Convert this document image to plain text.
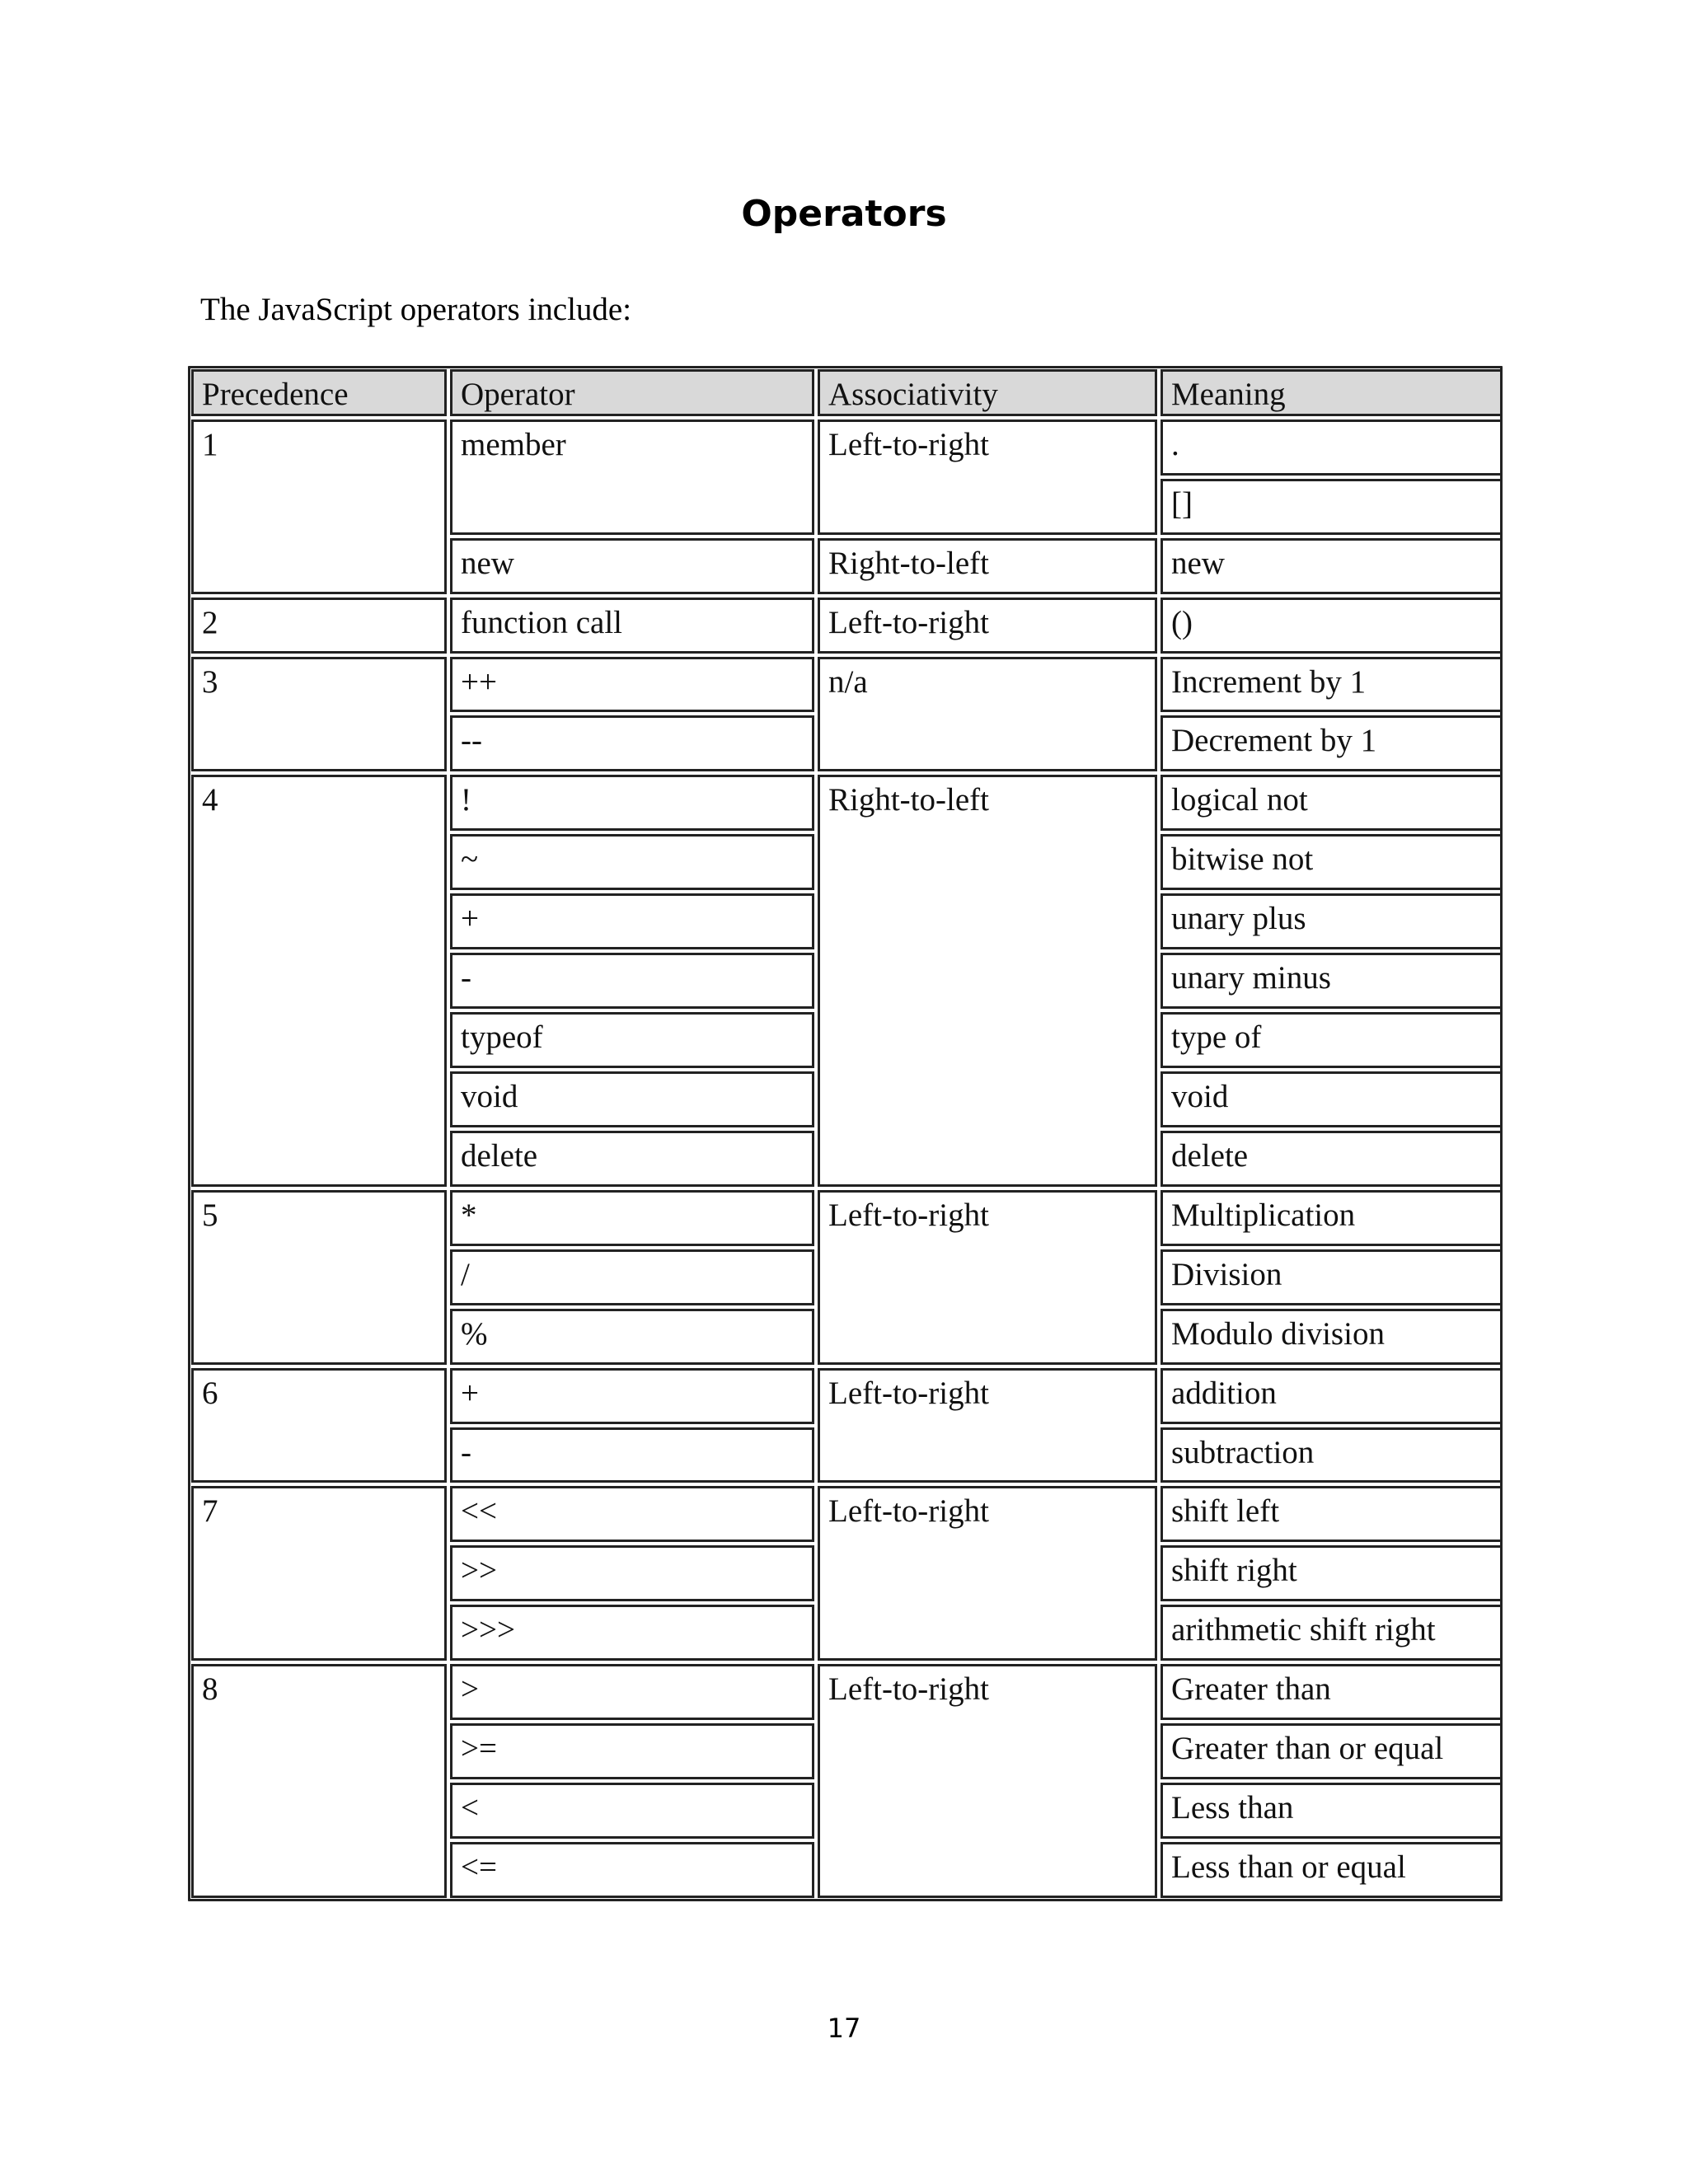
Operators
The JavaScript operators include:
Precedence	Operator	Associativity	Meaning
1	member	Left-to-right	.
			[]
	new	Right-to-left	new
2	function call	Left-to-right	()
3	++	n/a	Increment by 1
	--		Decrement by 1
4	!	Right-to-left	logical not
	~		bitwise not
	+		unary plus
	-		unary minus
	typeof		type of
	void		void
	delete		delete
5	*	Left-to-right	Multiplication
	/		Division
	%		Modulo division
6	+	Left-to-right	addition
	-		subtraction
7	<<	Left-to-right	shift left
	>>		shift right
	>>>		arithmetic shift right
8	>	Left-to-right	Greater than
	>=		Greater than or equal
	<		Less than
	<=		Less than or equal
17
